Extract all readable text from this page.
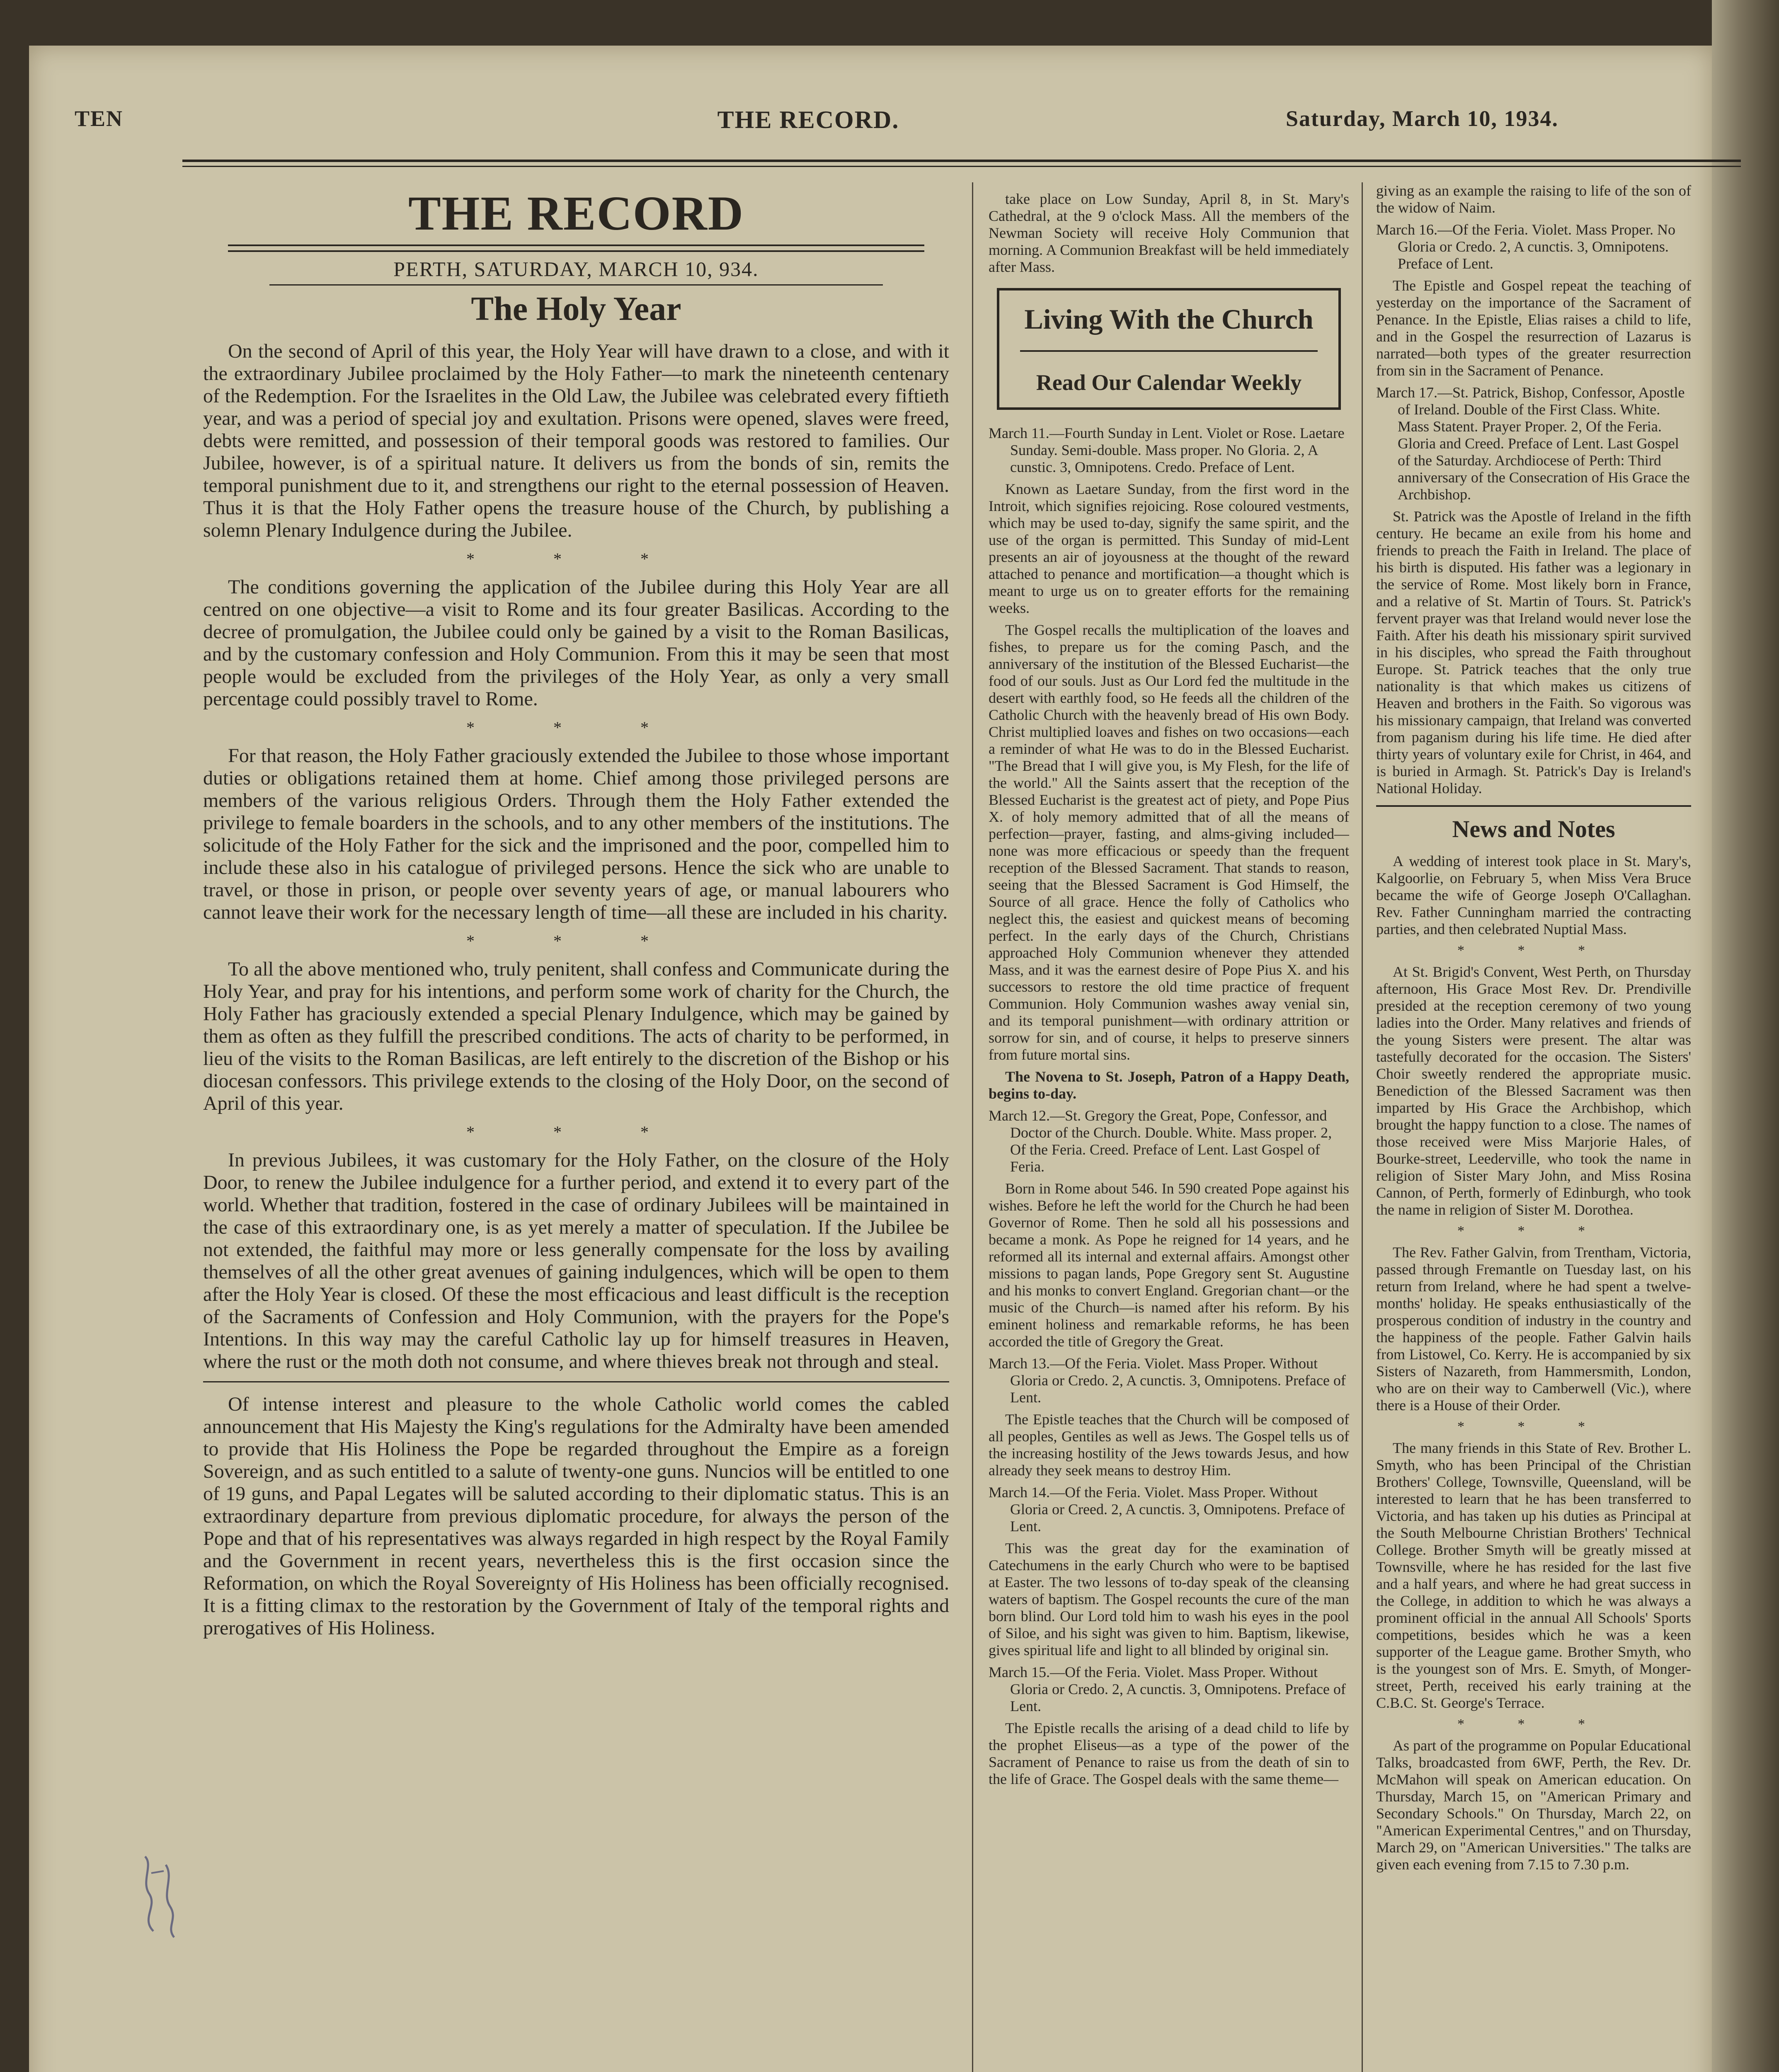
TEN	THE RECORD.	Saturday, March 10, 1934.

THE RECORD

PERTH, SATURDAY, MARCH 10, 934.

The Holy Year

On the second of April of this year, the Holy Year will have drawn to a close, and with it the extraordinary Jubilee proclaimed by the Holy Father—to mark the nineteenth centenary of the Redemption. For the Israelites in the Old Law, the Jubilee was celebrated every fiftieth year, and was a period of special joy and exultation. Prisons were opened, slaves were freed, debts were remitted, and possession of their temporal goods was restored to families. Our Jubilee, however, is of a spiritual nature. It delivers us from the bonds of sin, remits the temporal punishment due to it, and strengthens our right to the eternal possession of Heaven. Thus it is that the Holy Father opens the treasure house of the Church, by publishing a solemn Plenary Indulgence during the Jubilee.

* * *

The conditions governing the application of the Jubilee during this Holy Year are all centred on one objective—a visit to Rome and its four greater Basilicas. According to the decree of promulgation, the Jubilee could only be gained by a visit to the Roman Basilicas, and by the customary confession and Holy Communion. From this it may be seen that most people would be excluded from the privileges of the Holy Year, as only a very small percentage could possibly travel to Rome.

* * *

For that reason, the Holy Father graciously extended the Jubilee to those whose important duties or obligations retained them at home. Chief among those privileged persons are members of the various religious Orders. Through them the Holy Father extended the privilege to female boarders in the schools, and to any other members of the institutions. The solicitude of the Holy Father for the sick and the imprisoned and the poor, compelled him to include these also in his catalogue of privileged persons. Hence the sick who are unable to travel, or those in prison, or people over seventy years of age, or manual labourers who cannot leave their work for the necessary length of time—all these are included in his charity.

* * *

To all the above mentioned who, truly penitent, shall confess and Communicate during the Holy Year, and pray for his intentions, and perform some work of charity for the Church, the Holy Father has graciously extended a special Plenary Indulgence, which may be gained by them as often as they fulfill the prescribed conditions. The acts of charity to be performed, in lieu of the visits to the Roman Basilicas, are left entirely to the discretion of the Bishop or his diocesan confessors. This privilege extends to the closing of the Holy Door, on the second of April of this year.

* * *

In previous Jubilees, it was customary for the Holy Father, on the closure of the Holy Door, to renew the Jubilee indulgence for a further period, and extend it to every part of the world. Whether that tradition, fostered in the case of ordinary Jubilees will be maintained in the case of this extraordinary one, is as yet merely a matter of speculation. If the Jubilee be not extended, the faithful may more or less generally compensate for the loss by availing themselves of all the other great avenues of gaining indulgences, which will be open to them after the Holy Year is closed. Of these the most efficacious and least difficult is the reception of the Sacraments of Confession and Holy Communion, with the prayers for the Pope's Intentions. In this way may the careful Catholic lay up for himself treasures in Heaven, where the rust or the moth doth not consume, and where thieves break not through and steal.

Of intense interest and pleasure to the whole Catholic world comes the cabled announcement that His Majesty the King's regulations for the Admiralty have been amended to provide that His Holiness the Pope be regarded throughout the Empire as a foreign Sovereign, and as such entitled to a salute of twenty-one guns. Nuncios will be entitled to one of 19 guns, and Papal Legates will be saluted according to their diplomatic status. This is an extraordinary departure from previous diplomatic procedure, for always the person of the Pope and that of his representatives was always regarded in high respect by the Royal Family and the Government in recent years, nevertheless this is the first occasion since the Reformation, on which the Royal Sovereignty of His Holiness has been officially recognised. It is a fitting climax to the restoration by the Government of Italy of the temporal rights and prerogatives of His Holiness.

take place on Low Sunday, April 8, in St. Mary's Cathedral, at the 9 o'clock Mass. All the members of the Newman Society will receive Holy Communion that morning. A Communion Breakfast will be held immediately after Mass.

Living With the Church
Read Our Calendar Weekly

March 11.—Fourth Sunday in Lent. Violet or Rose. Laetare Sunday. Semi-double. Mass proper. No Gloria. 2, A cunstic. 3, Omnipotens. Credo. Preface of Lent.

Known as Laetare Sunday, from the first word in the Introit, which signifies rejoicing. Rose coloured vestments, which may be used to-day, signify the same spirit, and the use of the organ is permitted. This Sunday of mid-Lent presents an air of joyousness at the thought of the reward attached to penance and mortification—a thought which is meant to urge us on to greater efforts for the remaining weeks.

The Gospel recalls the multiplication of the loaves and fishes, to prepare us for the coming Pasch, and the anniversary of the institution of the Blessed Eucharist—the food of our souls. Just as Our Lord fed the multitude in the desert with earthly food, so He feeds all the children of the Catholic Church with the heavenly bread of His own Body. Christ multiplied loaves and fishes on two occasions—each a reminder of what He was to do in the Blessed Eucharist. "The Bread that I will give you, is My Flesh, for the life of the world." All the Saints assert that the reception of the Blessed Eucharist is the greatest act of piety, and Pope Pius X. of holy memory admitted that of all the means of perfection—prayer, fasting, and alms-giving included—none was more efficacious or speedy than the frequent reception of the Blessed Sacrament. That stands to reason, seeing that the Blessed Sacrament is God Himself, the Source of all grace. Hence the folly of Catholics who neglect this, the easiest and quickest means of becoming perfect. In the early days of the Church, Christians approached Holy Communion whenever they attended Mass, and it was the earnest desire of Pope Pius X. and his successors to restore the old time practice of frequent Communion. Holy Communion washes away venial sin, and its temporal punishment—with ordinary attrition or sorrow for sin, and of course, it helps to preserve sinners from future mortal sins.

The Novena to St. Joseph, Patron of a Happy Death, begins to-day.

March 12.—St. Gregory the Great, Pope, Confessor, and Doctor of the Church. Double. White. Mass proper. 2, Of the Feria. Creed. Preface of Lent. Last Gospel of Feria.

Born in Rome about 546. In 590 created Pope against his wishes. Before he left the world for the Church he had been Governor of Rome. Then he sold all his possessions and became a monk. As Pope he reigned for 14 years, and he reformed all its internal and external affairs. Amongst other missions to pagan lands, Pope Gregory sent St. Augustine and his monks to convert England. Gregorian chant—or the music of the Church—is named after his reform. By his eminent holiness and remarkable reforms, he has been accorded the title of Gregory the Great.

March 13.—Of the Feria. Violet. Mass Proper. Without Gloria or Credo. 2, A cunctis. 3, Omnipotens. Preface of Lent.

The Epistle teaches that the Church will be composed of all peoples, Gentiles as well as Jews. The Gospel tells us of the increasing hostility of the Jews towards Jesus, and how already they seek means to destroy Him.

March 14.—Of the Feria. Violet. Mass Proper. Without Gloria or Creed. 2, A cunctis. 3, Omnipotens. Preface of Lent.

This was the great day for the examination of Catechumens in the early Church who were to be baptised at Easter. The two lessons of to-day speak of the cleansing waters of baptism. The Gospel recounts the cure of the man born blind. Our Lord told him to wash his eyes in the pool of Siloe, and his sight was given to him. Baptism, likewise, gives spiritual life and light to all blinded by original sin.

March 15.—Of the Feria. Violet. Mass Proper. Without Gloria or Credo. 2, A cunctis. 3, Omnipotens. Preface of Lent.

The Epistle recalls the arising of a dead child to life by the prophet Eliseus—as a type of the power of the Sacrament of Penance to raise us from the death of sin to the life of Grace. The Gospel deals with the same theme—

giving as an example the raising to life of the son of the widow of Naim.

March 16.—Of the Feria. Violet. Mass Proper. No Gloria or Credo. 2, A cunctis. 3, Omnipotens. Preface of Lent.

The Epistle and Gospel repeat the teaching of yesterday on the importance of the Sacrament of Penance. In the Epistle, Elias raises a child to life, and in the Gospel the resurrection of Lazarus is narrated—both types of the greater resurrection from sin in the Sacrament of Penance.

March 17.—St. Patrick, Bishop, Confessor, Apostle of Ireland. Double of the First Class. White. Mass Statent. Prayer Proper. 2, Of the Feria. Gloria and Creed. Preface of Lent. Last Gospel of the Saturday. Archdiocese of Perth: Third anniversary of the Consecration of His Grace the Archbishop.

St. Patrick was the Apostle of Ireland in the fifth century. He became an exile from his home and friends to preach the Faith in Ireland. The place of his birth is disputed. His father was a legionary in the service of Rome. Most likely born in France, and a relative of St. Martin of Tours. St. Patrick's fervent prayer was that Ireland would never lose the Faith. After his death his missionary spirit survived in his disciples, who spread the Faith throughout Europe. St. Patrick teaches that the only true nationality is that which makes us citizens of Heaven and brothers in the Faith. So vigorous was his missionary campaign, that Ireland was converted from paganism during his life time. He died after thirty years of voluntary exile for Christ, in 464, and is buried in Armagh. St. Patrick's Day is Ireland's National Holiday.

News and Notes

A wedding of interest took place in St. Mary's, Kalgoorlie, on February 5, when Miss Vera Bruce became the wife of George Joseph O'Callaghan. Rev. Father Cunningham married the contracting parties, and then celebrated Nuptial Mass.

* * *

At St. Brigid's Convent, West Perth, on Thursday afternoon, His Grace Most Rev. Dr. Prendiville presided at the reception ceremony of two young ladies into the Order. Many relatives and friends of the young Sisters were present. The altar was tastefully decorated for the occasion. The Sisters' Choir sweetly rendered the appropriate music. Benediction of the Blessed Sacrament was then imparted by His Grace the Archbishop, which brought the happy function to a close. The names of those received were Miss Marjorie Hales, of Bourke-street, Leederville, who took the name in religion of Sister Mary John, and Miss Rosina Cannon, of Perth, formerly of Edinburgh, who took the name in religion of Sister M. Dorothea.

* * *

The Rev. Father Galvin, from Trentham, Victoria, passed through Fremantle on Tuesday last, on his return from Ireland, where he had spent a twelve-months' holiday. He speaks enthusiastically of the prosperous condition of industry in the country and the happiness of the people. Father Galvin hails from Listowel, Co. Kerry. He is accompanied by six Sisters of Nazareth, from Hammersmith, London, who are on their way to Camberwell (Vic.), where there is a House of their Order.

* * *

The many friends in this State of Rev. Brother L. Smyth, who has been Principal of the Christian Brothers' College, Townsville, Queensland, will be interested to learn that he has been transferred to Victoria, and has taken up his duties as Principal at the South Melbourne Christian Brothers' Technical College. Brother Smyth will be greatly missed at Townsville, where he has resided for the last five and a half years, and where he had great success in the College, in addition to which he was always a prominent official in the annual All Schools' Sports competitions, besides which he was a keen supporter of the League game. Brother Smyth, who is the youngest son of Mrs. E. Smyth, of Monger-street, Perth, received his early training at the C.B.C. St. George's Terrace.

* * *

As part of the programme on Popular Educational Talks, broadcasted from 6WF, Perth, the Rev. Dr. McMahon will speak on American education. On Thursday, March 15, on "American Primary and Secondary Schools." On Thursday, March 22, on "American Experimental Centres," and on Thursday, March 29, on "American Universities." The talks are given each evening from 7.15 to 7.30 p.m.
